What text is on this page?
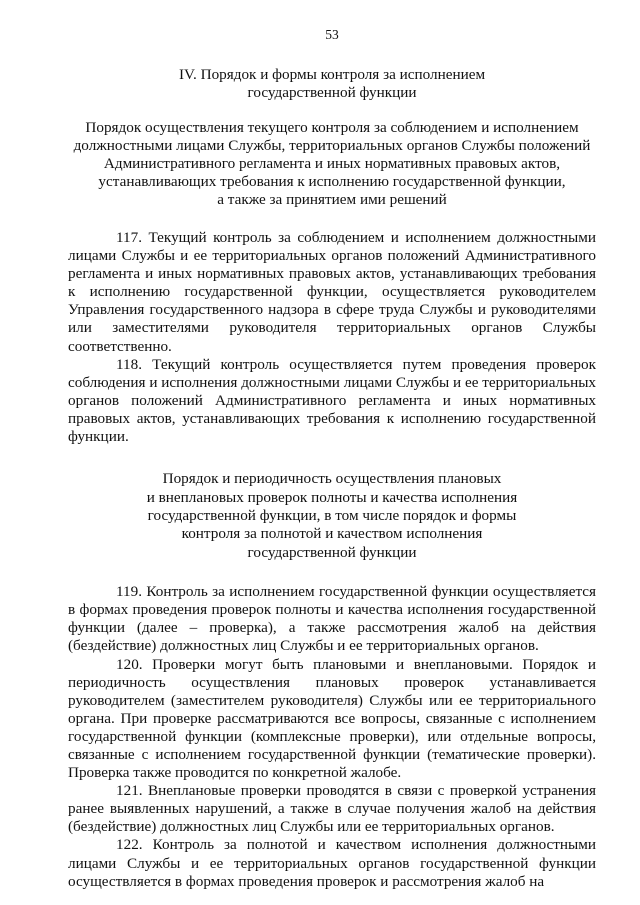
53
IV. Порядок и формы контроля за исполнением
государственной функции
Порядок осуществления текущего контроля за соблюдением и исполнением
должностными лицами Службы, территориальных органов Службы положений
Административного регламента и иных нормативных правовых актов,
устанавливающих требования к исполнению государственной функции,
а также за принятием ими решений

117. Текущий контроль за соблюдением и исполнением должностными лицами Службы и ее территориальных органов положений Административного регламента и иных нормативных правовых актов, устанавливающих требования к исполнению государственной функции, осуществляется руководителем Управления государственного надзора в сфере труда Службы и руководителями или заместителями руководителя территориальных органов Службы соответственно.

118. Текущий контроль осуществляется путем проведения проверок соблюдения и исполнения должностными лицами Службы и ее территориальных органов положений Административного регламента и иных нормативных правовых актов, устанавливающих требования к исполнению государственной функции.

Порядок и периодичность осуществления плановых
и внеплановых проверок полноты и качества исполнения
государственной функции, в том числе порядок и формы
контроля за полнотой и качеством исполнения
государственной функции

119. Контроль за исполнением государственной функции осуществляется в формах проведения проверок полноты и качества исполнения государственной функции (далее – проверка), а также рассмотрения жалоб на действия (бездействие) должностных лиц Службы и ее территориальных органов.

120. Проверки могут быть плановыми и внеплановыми. Порядок и периодичность осуществления плановых проверок устанавливается руководителем (заместителем руководителя) Службы или ее территориального органа. При проверке рассматриваются все вопросы, связанные с исполнением государственной функции (комплексные проверки), или отдельные вопросы, связанные с исполнением государственной функции (тематические проверки). Проверка также проводится по конкретной жалобе.

121. Внеплановые проверки проводятся в связи с проверкой устранения ранее выявленных нарушений, а также в случае получения жалоб на действия (бездействие) должностных лиц Службы или ее территориальных органов.

122. Контроль за полнотой и качеством исполнения должностными лицами Службы и ее территориальных органов государственной функции осуществляется в формах проведения проверок и рассмотрения жалоб на
